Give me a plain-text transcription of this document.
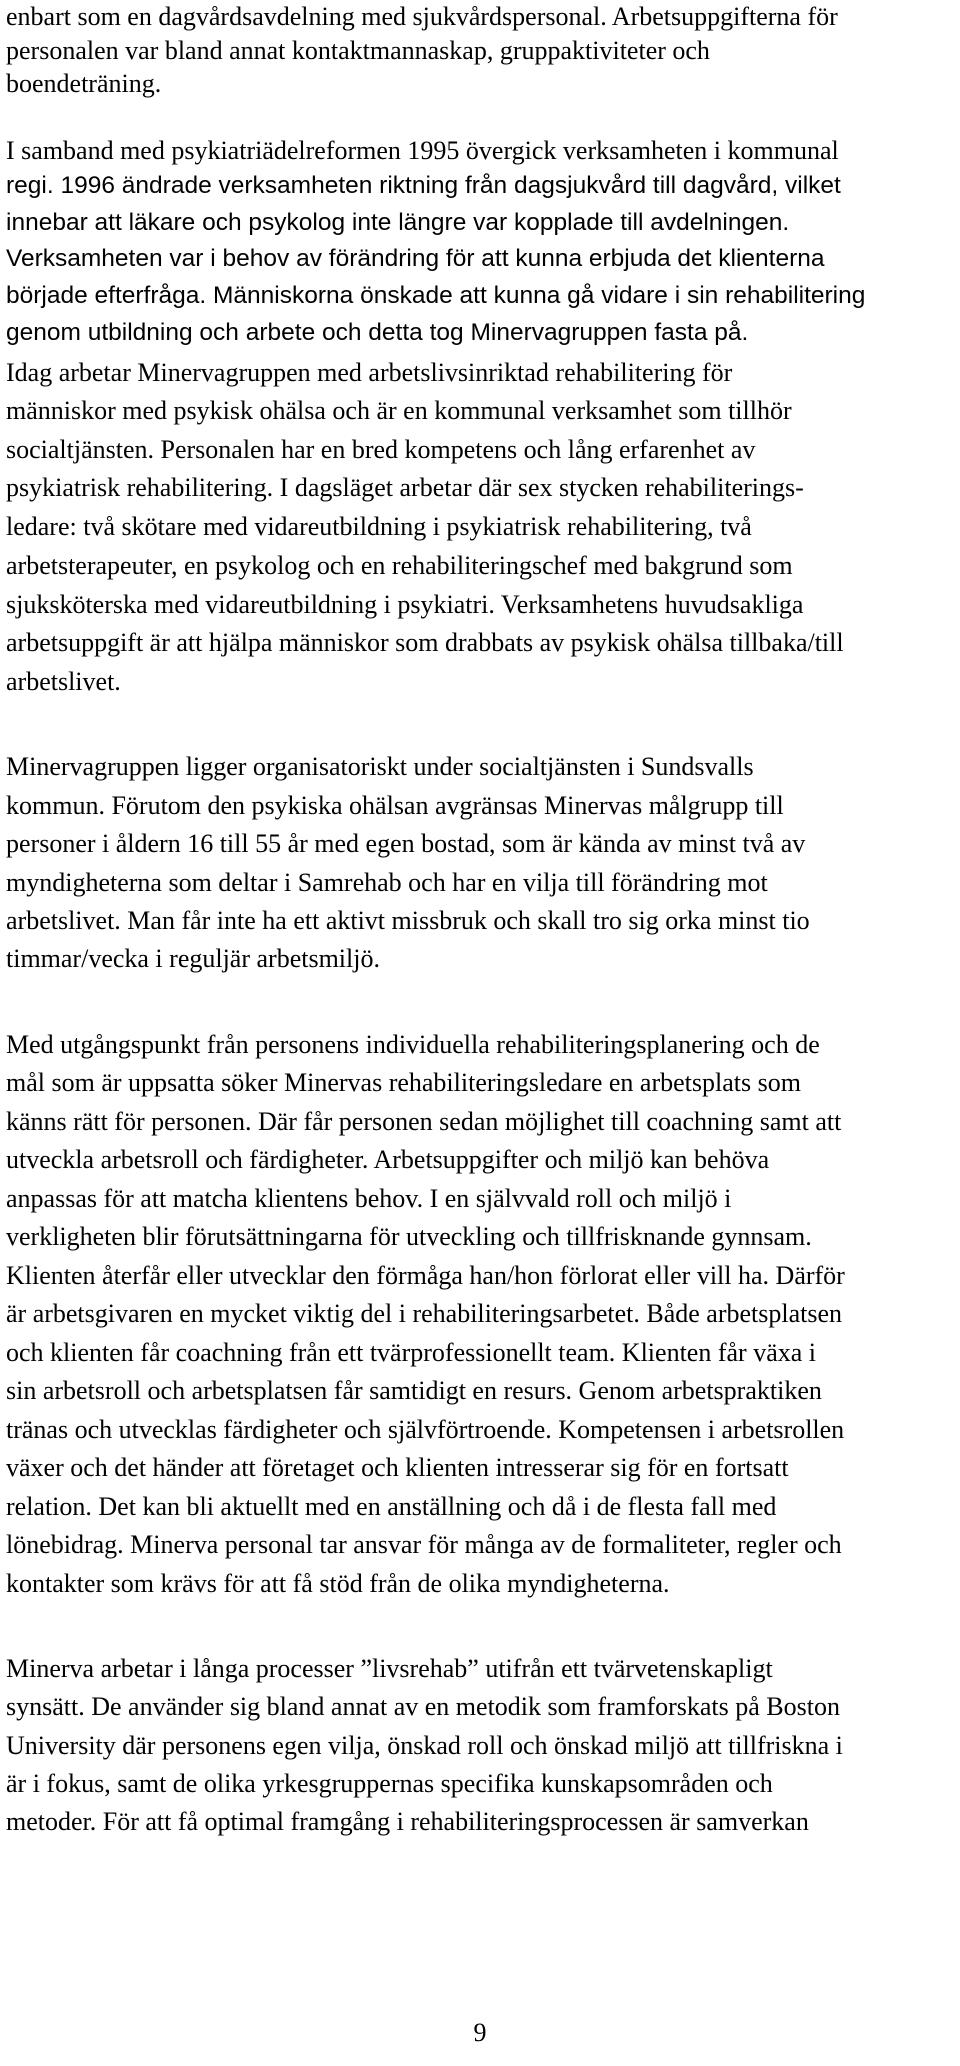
enbart som en dagvårdsavdelning med sjukvårdspersonal. Arbetsuppgifterna för
personalen var bland annat kontaktmannaskap, gruppaktiviteter och
boendeträning.
I samband med psykiatriädelreformen 1995 övergick verksamheten i kommunal
regi. 1996 ändrade verksamheten riktning från dagsjukvård till dagvård, vilket
innebar att läkare och psykolog inte längre var kopplade till avdelningen.
Verksamheten var i behov av förändring för att kunna erbjuda det klienterna
började efterfråga. Människorna önskade att kunna gå vidare i sin rehabilitering
genom utbildning och arbete och detta tog Minervagruppen fasta på.
Idag arbetar Minervagruppen med arbetslivsinriktad rehabilitering för
människor med psykisk ohälsa och är en kommunal verksamhet som tillhör
socialtjänsten. Personalen har en bred kompetens och lång erfarenhet av
psykiatrisk rehabilitering. I dagsläget arbetar där sex stycken rehabiliterings-
ledare: två skötare med vidareutbildning i psykiatrisk rehabilitering, två
arbetsterapeuter, en psykolog och en rehabiliteringschef med bakgrund som
sjuksköterska med vidareutbildning i psykiatri. Verksamhetens huvudsakliga
arbetsuppgift är att hjälpa människor som drabbats av psykisk ohälsa tillbaka/till
arbetslivet.
Minervagruppen ligger organisatoriskt under socialtjänsten i Sundsvalls
kommun. Förutom den psykiska ohälsan avgränsas Minervas målgrupp till
personer i åldern 16 till 55 år med egen bostad, som är kända av minst två av
myndigheterna som deltar i Samrehab och har en vilja till förändring mot
arbetslivet. Man får inte ha ett aktivt missbruk och skall tro sig orka minst tio
timmar/vecka i reguljär arbetsmiljö.
Med utgångspunkt från personens individuella rehabiliteringsplanering och de
mål som är uppsatta söker Minervas rehabiliteringsledare en arbetsplats som
känns rätt för personen. Där får personen sedan möjlighet till coachning samt att
utveckla arbetsroll och färdigheter. Arbetsuppgifter och miljö kan behöva
anpassas för att matcha klientens behov. I en självvald roll och miljö i
verkligheten blir förutsättningarna för utveckling och tillfrisknande gynnsam.
Klienten återfår eller utvecklar den förmåga han/hon förlorat eller vill ha. Därför
är arbetsgivaren en mycket viktig del i rehabiliteringsarbetet. Både arbetsplatsen
och klienten får coachning från ett tvärprofessionellt team. Klienten får växa i
sin arbetsroll och arbetsplatsen får samtidigt en resurs. Genom arbetspraktiken
tränas och utvecklas färdigheter och självförtroende. Kompetensen i arbetsrollen
växer och det händer att företaget och klienten intresserar sig för en fortsatt
relation. Det kan bli aktuellt med en anställning och då i de flesta fall med
lönebidrag. Minerva personal tar ansvar för många av de formaliteter, regler och
kontakter som krävs för att få stöd från de olika myndigheterna.
Minerva arbetar i långa processer ”livsrehab” utifrån ett tvärvetenskapligt
synsätt. De använder sig bland annat av en metodik som framforskats på Boston
University där personens egen vilja, önskad roll och önskad miljö att tillfriskna i
är i fokus, samt de olika yrkesgruppernas specifika kunskapsområden och
metoder. För att få optimal framgång i rehabiliteringsprocessen är samverkan
9
